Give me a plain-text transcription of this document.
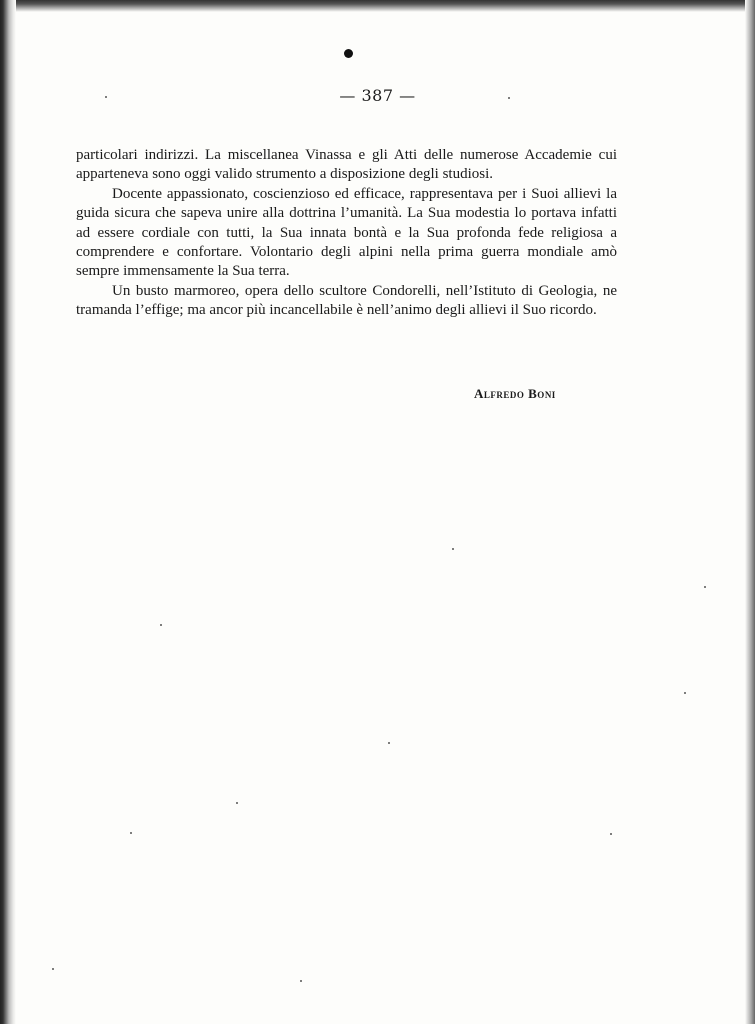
— 387 —

particolari indirizzi. La miscellanea Vinassa e gli Atti delle numerose Accademie cui apparteneva sono oggi valido strumento a disposizione degli studiosi.

Docente appassionato, coscienzioso ed efficace, rappresentava per i Suoi allievi la guida sicura che sapeva unire alla dottrina l’umanità. La Sua modestia lo portava infatti ad essere cordiale con tutti, la Sua innata bontà e la Sua profonda fede religiosa a comprendere e confortare. Volontario degli alpini nella prima guerra mondiale amò sempre immensamente la Sua terra.

Un busto marmoreo, opera dello scultore Condorelli, nell’Istituto di Geologia, ne tramanda l’effige; ma ancor più incancellabile è nell’animo degli allievi il Suo ricordo.

Alfredo Boni
